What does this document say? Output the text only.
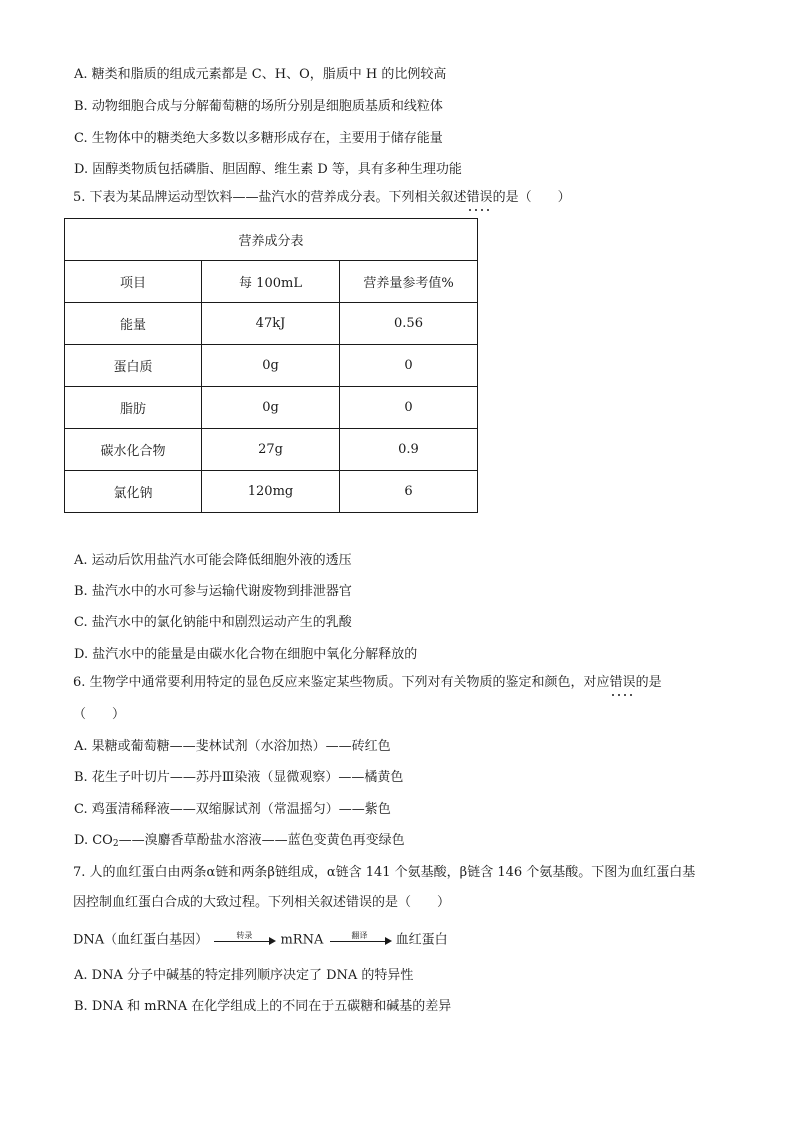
A. 糖类和脂质的组成元素都是 C、H、O，脂质中 H 的比例较高
B. 动物细胞合成与分解葡萄糖的场所分别是细胞质基质和线粒体
C. 生物体中的糖类绝大多数以多糖形成存在，主要用于储存能量
D. 固醇类物质包括磷脂、胆固醇、维生素 D 等，具有多种生理功能
5. 下表为某品牌运动型饮料——盐汽水的营养成分表。下列相关叙述错误的是（　　）
营养成分表		
项目	每 100mL	营养量参考值%
能量	47kJ	0.56
蛋白质	0g	0
脂肪	0g	0
碳水化合物	27g	0.9
氯化钠	120mg	6
A. 运动后饮用盐汽水可能会降低细胞外液的透压
B. 盐汽水中的水可参与运输代谢废物到排泄器官
C. 盐汽水中的氯化钠能中和剧烈运动产生的乳酸
D. 盐汽水中的能量是由碳水化合物在细胞中氧化分解释放的
6. 生物学中通常要利用特定的显色反应来鉴定某些物质。下列对有关物质的鉴定和颜色，对应错误的是
（　　）
A. 果糖或葡萄糖——斐林试剂（水浴加热）——砖红色
B. 花生子叶切片——苏丹Ⅲ染液（显微观察）——橘黄色
C. 鸡蛋清稀释液——双缩脲试剂（常温摇匀）——紫色
D. $CO_2——$溴麝香草酚盐水溶液——蓝色变黄色再变绿色
7. 人的血红蛋白由两条α链和两条β链组成，α链含 141 个氨基酸，β链含 146 个氨基酸。下图为血红蛋白基
因控制血红蛋白合成的大致过程。下列相关叙述错误的是（　　）
DNA（血红蛋白基因）	转录	mRNA	翻译	血红蛋白
A. DNA 分子中碱基的特定排列顺序决定了 DNA 的特异性
B. DNA 和 mRNA 在化学组成上的不同在于五碳糖和碱基的差异
